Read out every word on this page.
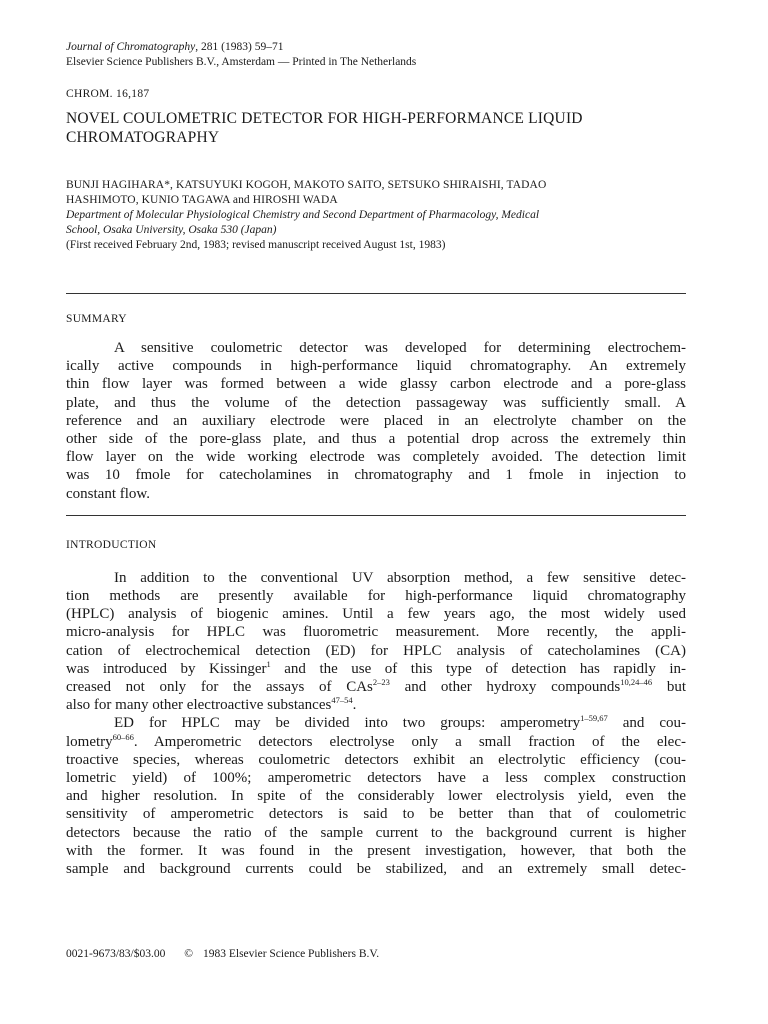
Journal of Chromatography, 281 (1983) 59–71
Elsevier Science Publishers B.V., Amsterdam — Printed in The Netherlands
CHROM. 16,187
NOVEL COULOMETRIC DETECTOR FOR HIGH-PERFORMANCE LIQUID
CHROMATOGRAPHY
BUNJI HAGIHARA*, KATSUYUKI KOGOH, MAKOTO SAITO, SETSUKO SHIRAISHI, TADAO
HASHIMOTO, KUNIO TAGAWA and HIROSHI WADA
Department of Molecular Physiological Chemistry and Second Department of Pharmacology, Medical
School, Osaka University, Osaka 530 (Japan)
(First received February 2nd, 1983; revised manuscript received August 1st, 1983)
SUMMARY
A sensitive coulometric detector was developed for determining electrochem-
ically active compounds in high-performance liquid chromatography. An extremely
thin flow layer was formed between a wide glassy carbon electrode and a pore-glass
plate, and thus the volume of the detection passageway was sufficiently small. A
reference and an auxiliary electrode were placed in an electrolyte chamber on the
other side of the pore-glass plate, and thus a potential drop across the extremely thin
flow layer on the wide working electrode was completely avoided. The detection limit
was 10 fmole for catecholamines in chromatography and 1 fmole in injection to
constant flow.
INTRODUCTION
In addition to the conventional UV absorption method, a few sensitive detec-
tion methods are presently available for high-performance liquid chromatography
(HPLC) analysis of biogenic amines. Until a few years ago, the most widely used
micro-analysis for HPLC was fluorometric measurement. More recently, the appli-
cation of electrochemical detection (ED) for HPLC analysis of catecholamines (CA)
was introduced by Kissinger$^1$ and the use of this type of detection has rapidly in-
creased not only for the assays of CAs$^{2-23}$ and other hydroxy compounds$^{10,24-46}$ but
also for many other electroactive substances$^{47-54}$.
ED for HPLC may be divided into two groups: amperometry$^{1-59,67}$ and cou-
lometry$^{60-66}$. Amperometric detectors electrolyse only a small fraction of the elec-
troactive species, whereas coulometric detectors exhibit an electrolytic efficiency (cou-
lometric yield) of 100%; amperometric detectors have a less complex construction
and higher resolution. In spite of the considerably lower electrolysis yield, even the
sensitivity of amperometric detectors is said to be better than that of coulometric
detectors because the ratio of the sample current to the background current is higher
with the former. It was found in the present investigation, however, that both the
sample and background currents could be stabilized, and an extremely small detec-
0021-9673/83/$03.00 © 1983 Elsevier Science Publishers B.V.
